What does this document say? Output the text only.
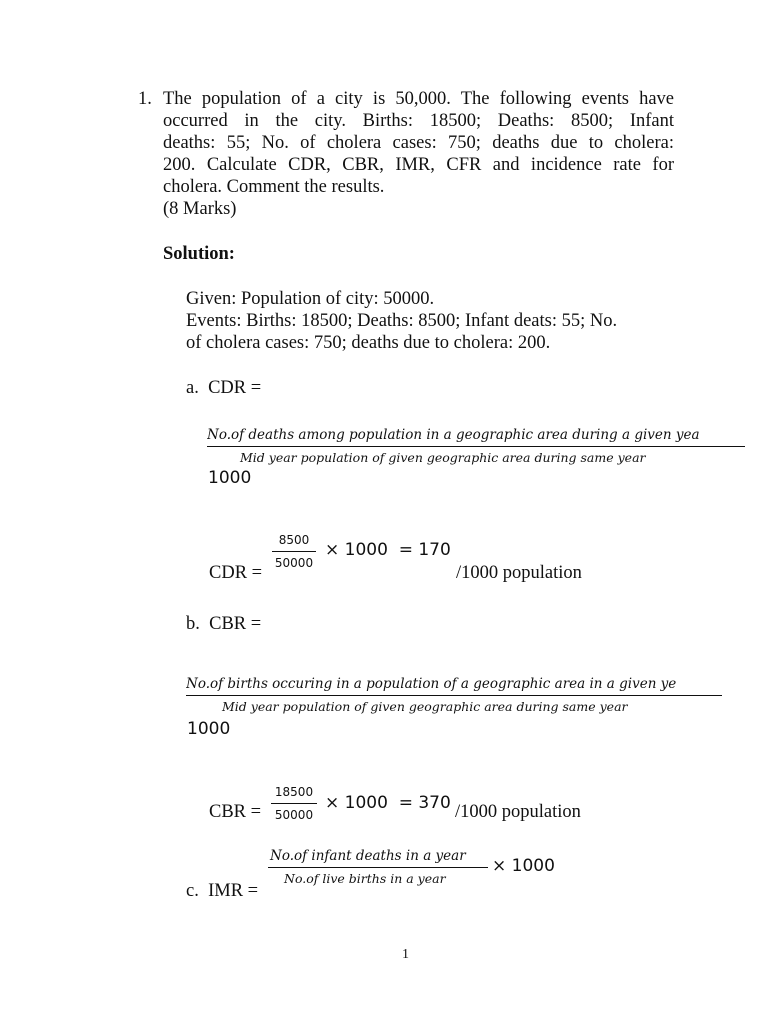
1. The population of a city is 50,000. The following events have
occurred in the city. Births: 18500; Deaths: 8500; Infant
deaths: 55; No. of cholera cases: 750; deaths due to cholera:
200. Calculate CDR, CBR, IMR, CFR and incidence rate for
cholera. Comment the results.
(8 Marks)
Solution:
Given: Population of city: 50000.
Events: Births: 18500; Deaths: 8500; Infant deats: 55; No.
of cholera cases: 750; deaths due to cholera: 200.
a.  CDR =
No.of deaths among population in a geographic area during a given yea
Mid year population of given geographic area during same year
1000
8500
50000
× 1000  = 170
CDR =	/1000 population
b.  CBR =
No.of births occuring in a population of a geographic area in a given ye
Mid year population of given geographic area during same year
1000
18500
50000
× 1000  = 370
CBR =	/1000 population
No.of infant deaths in a year
No.of live births in a year
× 1000
c.  IMR =
1
